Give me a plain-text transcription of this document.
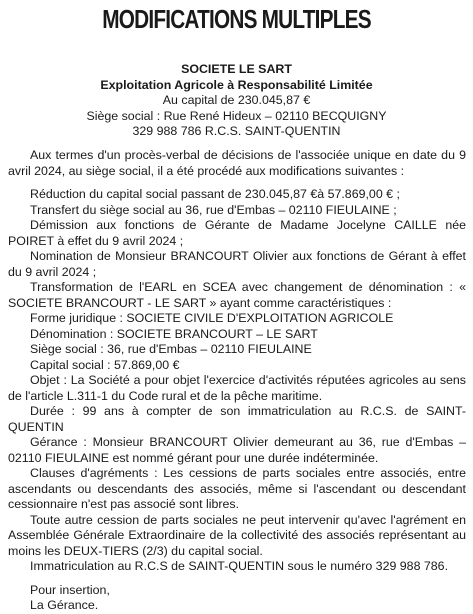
MODIFICATIONS MULTIPLES
SOCIETE LE SART
Exploitation Agricole à Responsabilité Limitée
Au capital de 230.045,87 €
Siège social : Rue René Hideux – 02110 BECQUIGNY
329 988 786 R.C.S. SAINT-QUENTIN

Aux termes d'un procès-verbal de décisions de l'associée unique en date du 9 avril 2024, au siège social, il a été procédé aux modifications suivantes :

Réduction du capital social passant de 230.045,87 €à 57.869,00 € ;

Transfert du siège social au 36, rue d'Embas – 02110 FIEULAINE ;

Démission aux fonctions de Gérante de Madame Jocelyne CAILLE née POIRET à effet du 9 avril 2024 ;

Nomination de Monsieur BRANCOURT Olivier aux fonctions de Gérant à effet du 9 avril 2024 ;

Transformation de l'EARL en SCEA avec changement de dénomination : « SOCIETE BRANCOURT - LE SART » ayant comme caractéristiques :

Forme juridique : SOCIETE CIVILE D'EXPLOITATION AGRICOLE

Dénomination : SOCIETE BRANCOURT – LE SART

Siège social : 36, rue d'Embas – 02110 FIEULAINE

Capital social : 57.869,00 €

Objet : La Société a pour objet l'exercice d'activités réputées agricoles au sens de l'article L.311-1 du Code rural et de la pêche maritime.

Durée : 99 ans à compter de son immatriculation au R.C.S. de SAINT-QUENTIN

Gérance : Monsieur BRANCOURT Olivier demeurant au 36, rue d'Embas – 02110 FIEULAINE est nommé gérant pour une durée indéterminée.

Clauses d'agréments : Les cessions de parts sociales entre associés, entre ascendants ou descendants des associés, même si l'ascendant ou descendant cessionnaire n'est pas associé sont libres.

Toute autre cession de parts sociales ne peut intervenir qu'avec l'agrément en Assemblée Générale Extraordinaire de la collectivité des associés représentant au moins les DEUX-TIERS (2/3) du capital social.

Immatriculation au R.C.S de SAINT-QUENTIN sous le numéro 329 988 786.

Pour insertion,

La Gérance.
